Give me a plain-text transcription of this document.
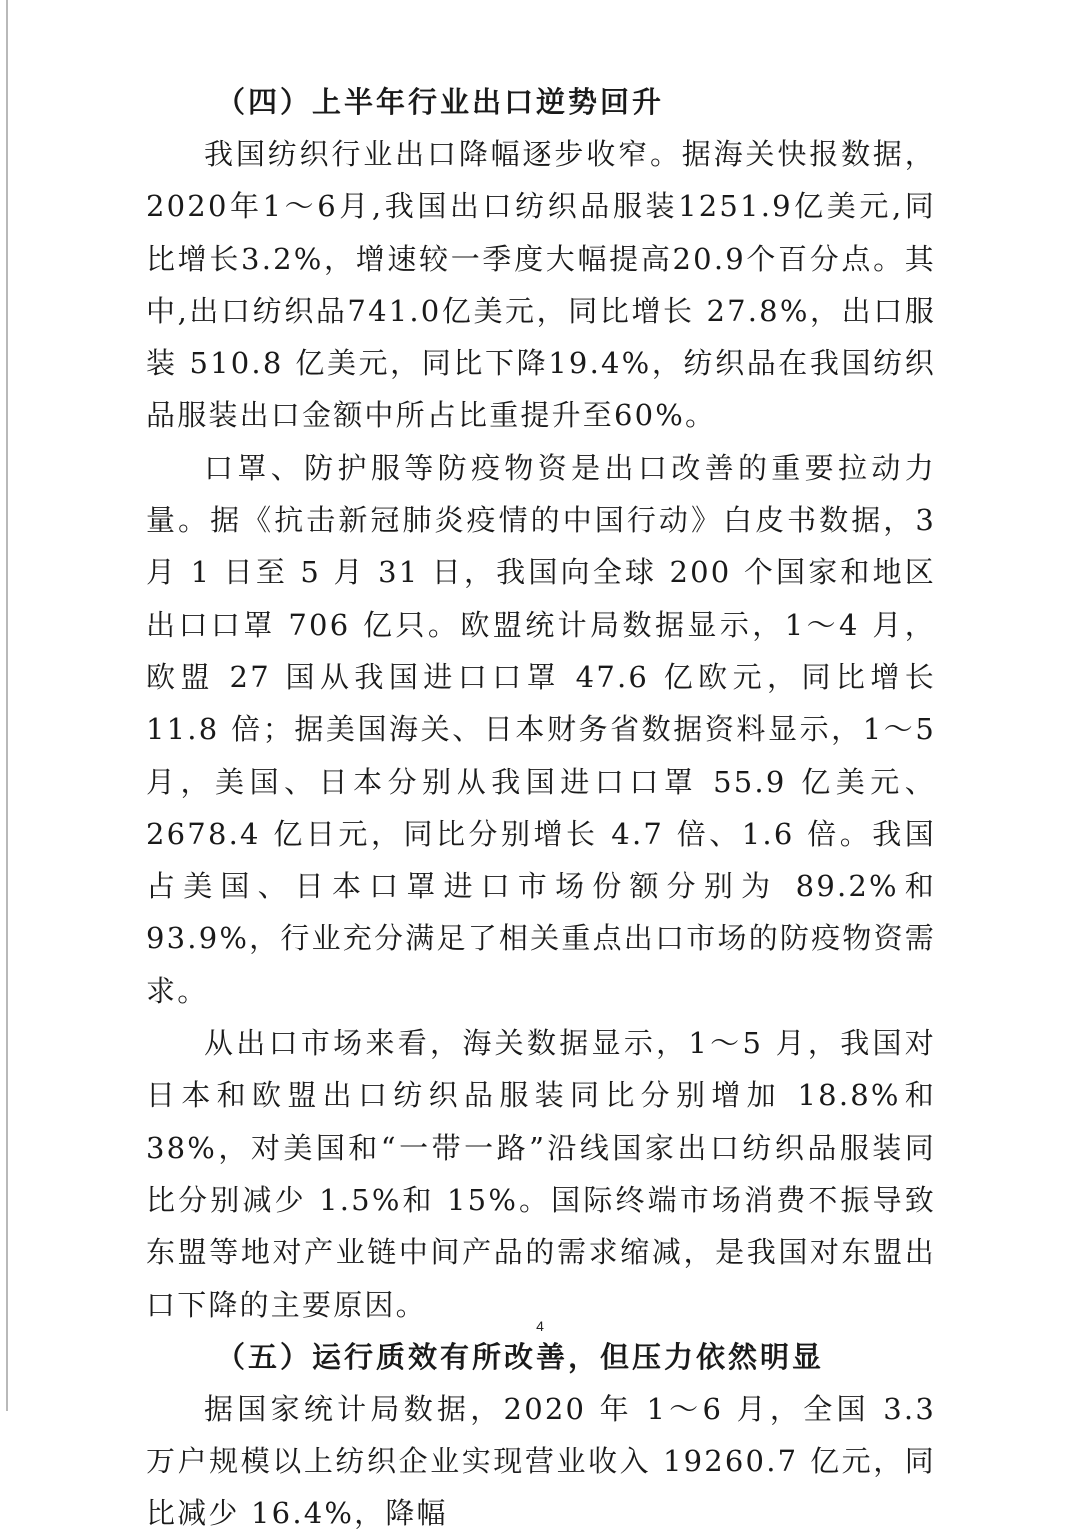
（四）上半年行业出口逆势回升

我国纺织行业出口降幅逐步收窄。据海关快报数据，2020年1～6月,我国出口纺织品服装1251.9亿美元,同比增长3.2%，增速较一季度大幅提高20.9个百分点。其中,出口纺织品741.0亿美元，同比增长 27.8%，出口服装 510.8 亿美元，同比下降19.4%，纺织品在我国纺织品服装出口金额中所占比重提升至60%。

口罩、防护服等防疫物资是出口改善的重要拉动力量。据《抗击新冠肺炎疫情的中国行动》白皮书数据，3 月 1 日至 5 月 31 日，我国向全球 200 个国家和地区出口口罩 706 亿只。欧盟统计局数据显示，1～4 月，欧盟 27 国从我国进口口罩 47.6 亿欧元，同比增长 11.8 倍；据美国海关、日本财务省数据资料显示，1～5 月，美国、日本分别从我国进口口罩 55.9 亿美元、2678.4 亿日元，同比分别增长 4.7 倍、1.6 倍。我国占美国、日本口罩进口市场份额分别为 89.2%和 93.9%，行业充分满足了相关重点出口市场的防疫物资需求。

从出口市场来看，海关数据显示，1～5 月，我国对日本和欧盟出口纺织品服装同比分别增加 18.8%和 38%，对美国和“一带一路”沿线国家出口纺织品服装同比分别减少 1.5%和 15%。国际终端市场消费不振导致东盟等地对产业链中间产品的需求缩减，是我国对东盟出口下降的主要原因。

（五）运行质效有所改善，但压力依然明显

据国家统计局数据，2020 年 1～6 月，全国 3.3 万户规模以上纺织企业实现营业收入 19260.7 亿元，同比减少 16.4%，降幅

4
